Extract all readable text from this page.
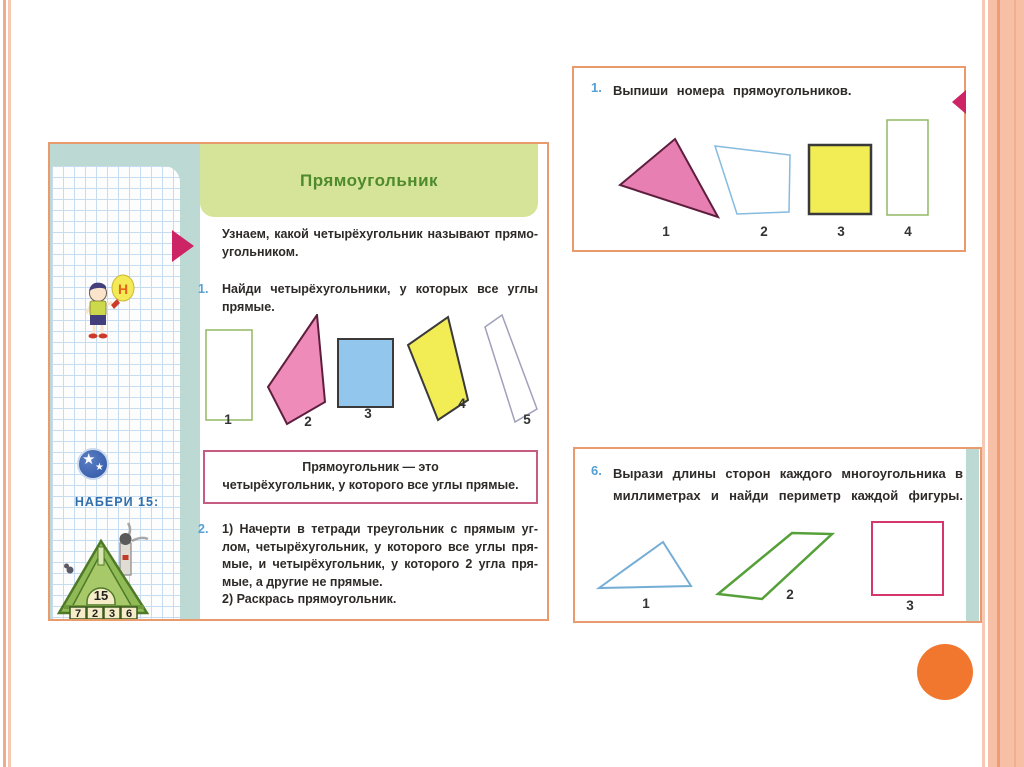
Н
★ ★
НАБЕРИ 15:
15
7 2 3 6
Прямоугольник
Узнаем, какой четырёхугольник называют прямо-
угольником.
1. Найди четырёхугольники, у которых все углы
прямые.
1	2
3
4
5
Прямоугольник — это
четырёхугольник, у которого все углы прямые.
2. 1) Начерти в тетради треугольник с прямым уг-
лом, четырёхугольник, у которого все углы пря-
мые, и четырёхугольник, у которого 2 угла пря-
мые, а другие не прямые.
2) Раскрась прямоугольник.
1. Выпиши номера прямоугольников.
1	2	3	4
6. Вырази длины сторон каждого многоугольника в
миллиметрах и найди периметр каждой фигуры.
1
2
3
